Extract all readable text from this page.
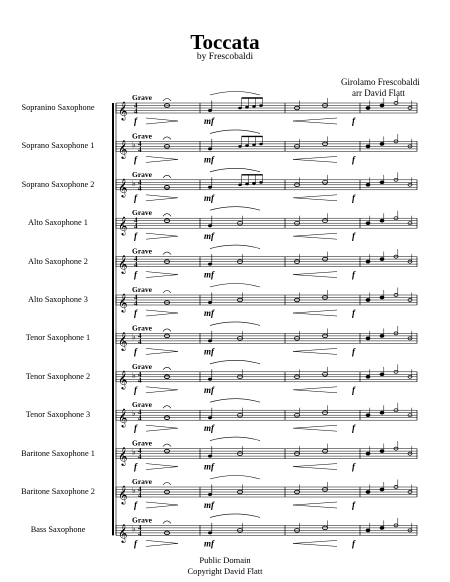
Toccata
by Frescobaldi
Girolamo Frescobaldi
arr David Flatt
Sopranino Saxophone
Soprano Saxophone 1
Soprano Saxophone 2
Alto Saxophone 1
Alto Saxophone 2
Alto Saxophone 3
Tenor Saxophone 1
Tenor Saxophone 2
Tenor Saxophone 3
Baritone Saxophone 1
Baritone Saxophone 2
Bass Saxophone
𝄞 4
4
Grave
f	mf	f
𝄞 ♭ 4
4
Grave
f	mf	f
𝄞 ♭ 4
4
Grave
f	mf	f
𝄞 4
4
Grave
f	mf	f
𝄞 4
4
Grave
f	mf	f
𝄞 4
4
Grave
f	mf	f
𝄞 ♭ 4
4
Grave
f	mf	f
𝄞 ♭ 4
4
Grave
f	mf	f
𝄞 ♭ 4
4
Grave
f	mf	f
𝄞 ♭ 4
4
Grave
f	mf	f
𝄞 ♭ 4
4
Grave
f	mf	f
𝄞 ♭ 4
4
Grave
f	mf	f
Public Domain
Copyright David Flatt
